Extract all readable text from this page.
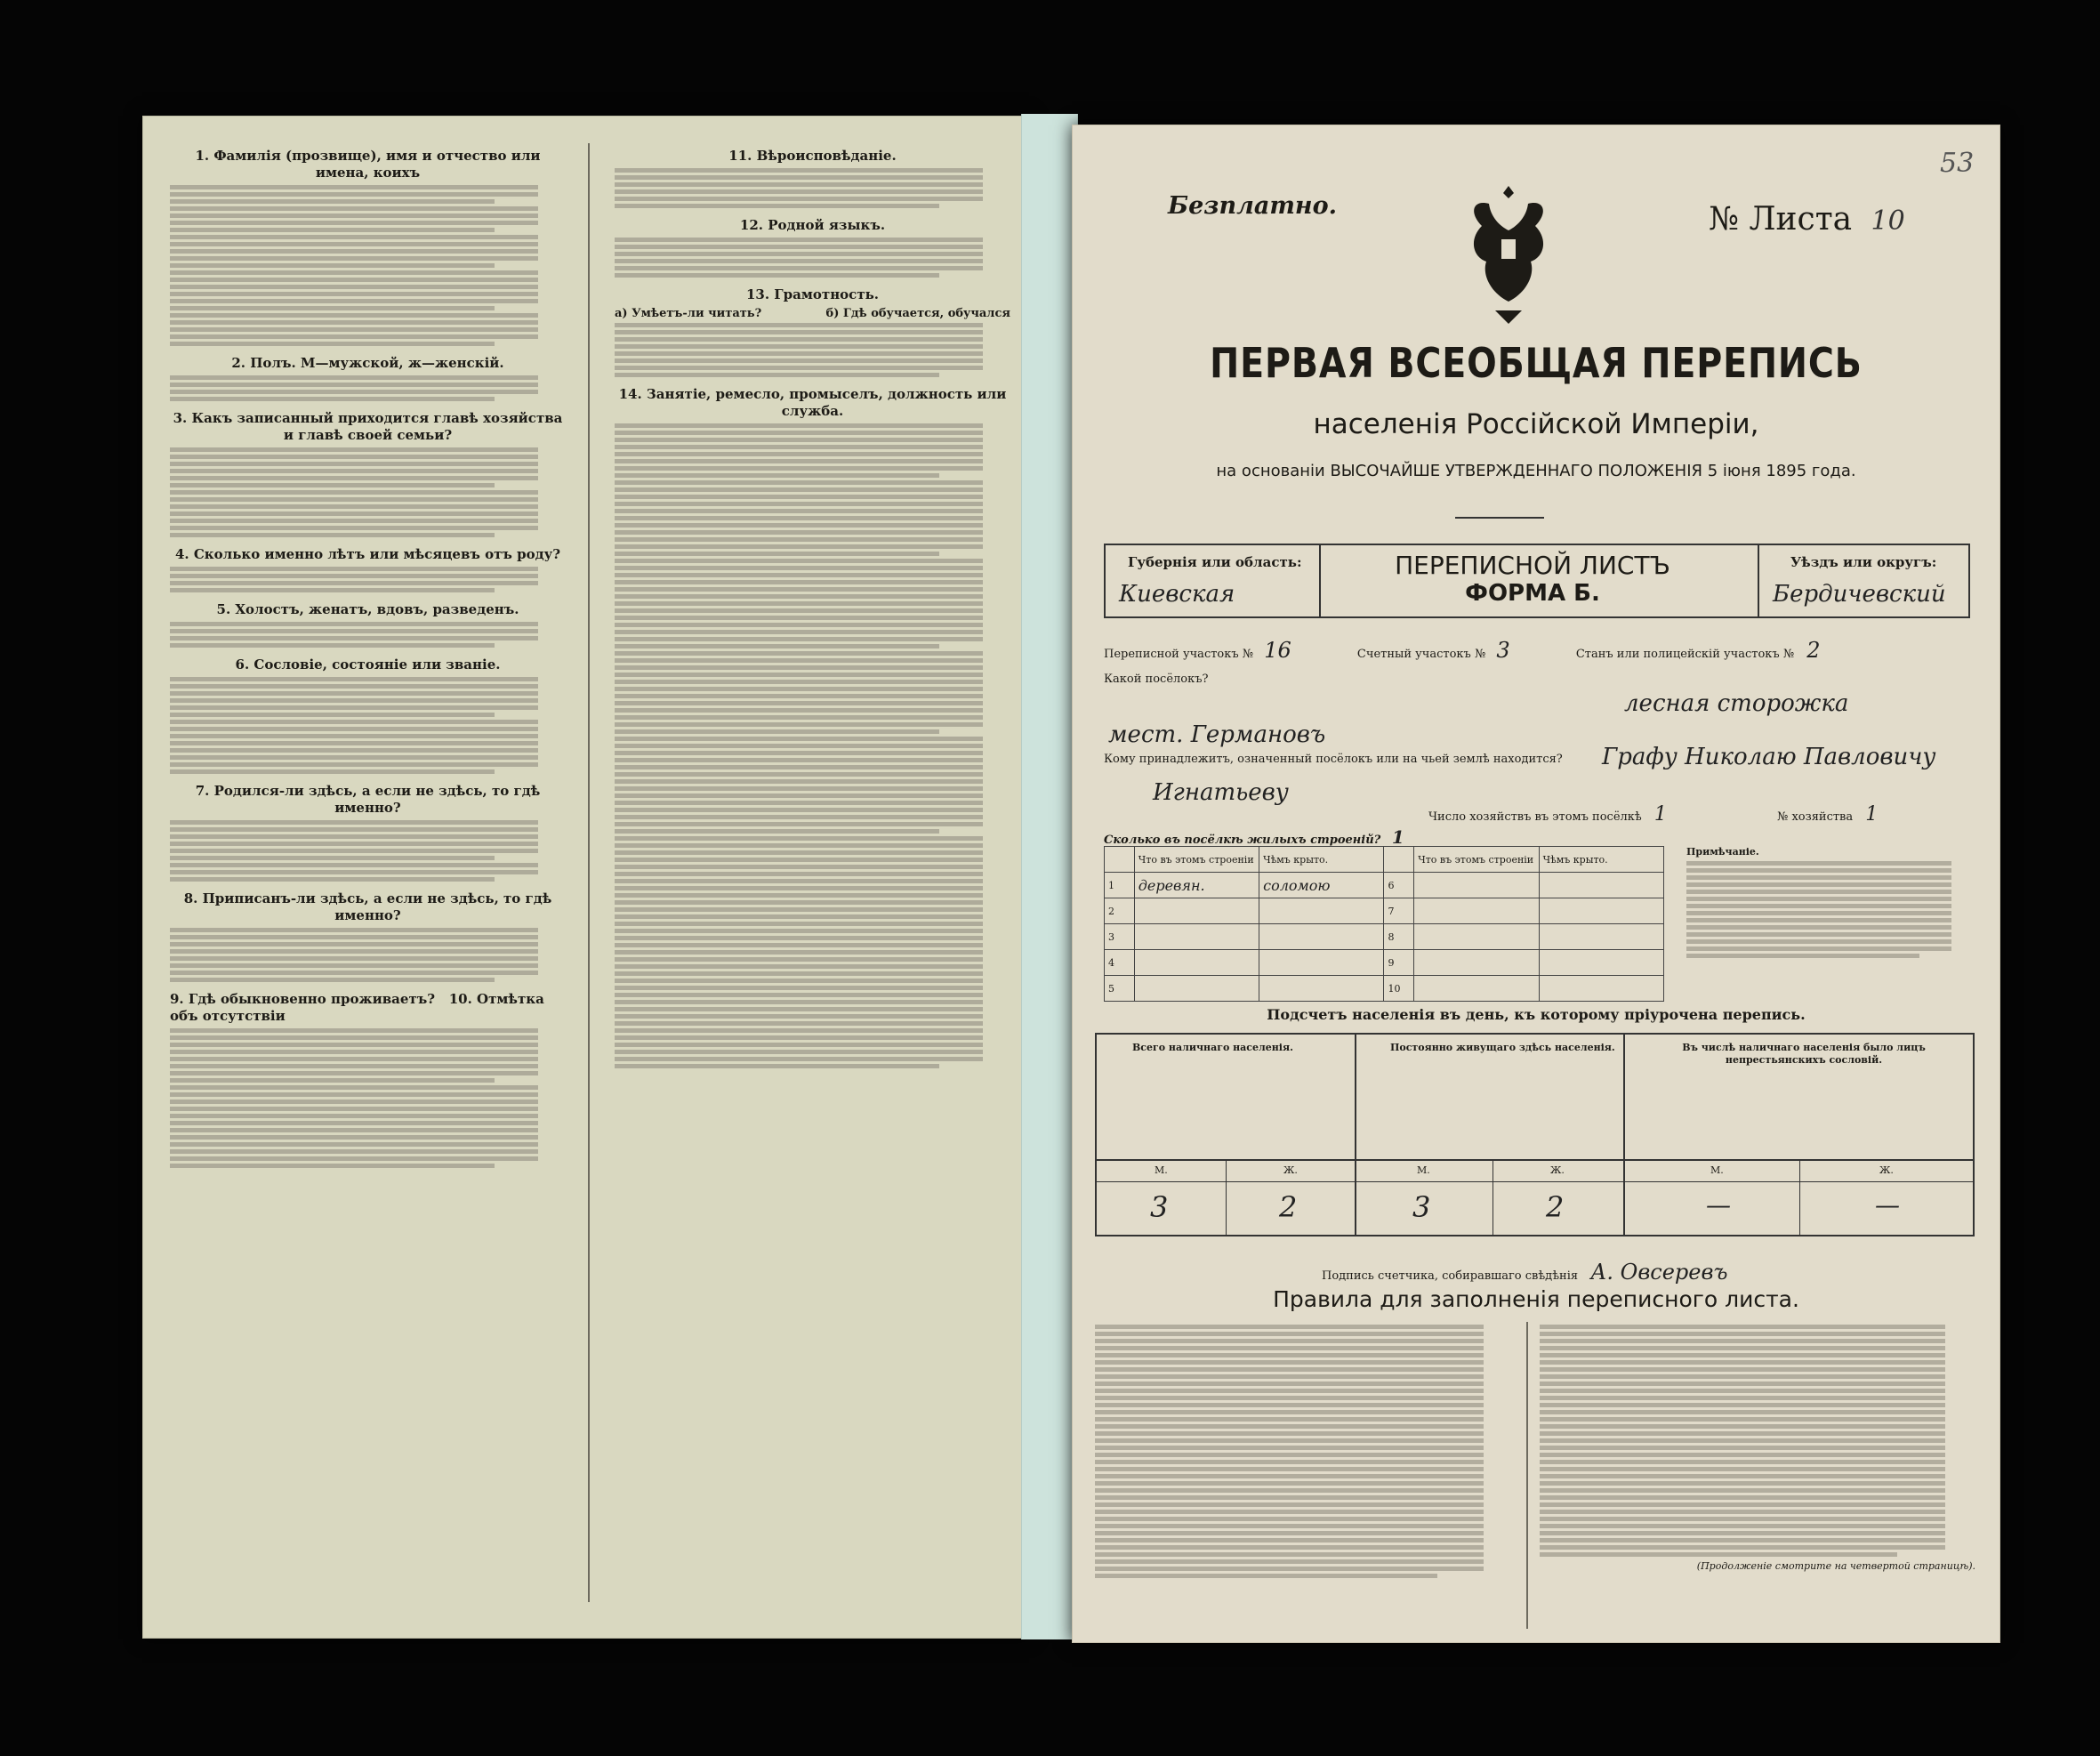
1. Фамилія (прозвище), имя и отчество или имена, коихъ
2. Полъ. М—мужской, ж—женскій.
3. Какъ записанный приходится главѣ хозяйства и главѣ своей семьи?
4. Сколько именно лѣтъ или мѣсяцевъ отъ роду?
5. Холостъ, женатъ, вдовъ, разведенъ.
6. Сословіе, состояніе или званіе.
7. Родился-ли здѣсь, а если не здѣсь, то гдѣ именно?
8. Приписанъ-ли здѣсь, а если не здѣсь, то гдѣ именно?
9. Гдѣ обыкновенно проживаетъ? 10. Отмѣтка объ отсутствіи
11. Вѣроисповѣданіе.
12. Родной языкъ.
13. Грамотность.
а) Умѣетъ-ли читать?	б) Гдѣ обучается, обучался
14. Занятіе, ремесло, промыселъ, должность или служба.
53
Безплатно.	№ Листа 10
ПЕРВАЯ ВСЕОБЩАЯ ПЕРЕПИСЬ
населенія Россійской Имперіи,
на основаніи ВЫСОЧАЙШЕ УТВЕРЖДЕННАГО ПОЛОЖЕНІЯ 5 іюня 1895 года.
Губернія или область:
Киевская
ПЕРЕПИСНОЙ ЛИСТЪ
ФОРМА Б.
Уѣздъ или округъ:
Бердичевский
Переписной участокъ № 16	Счетный участокъ № 3	Станъ или полицейскій участокъ № 2
Какой посёлокъ?
лесная сторожка
мест. Германовъ
Кому принадлежитъ, означенный посёлокъ или на чьей землѣ находится?	Графу Николаю Павловичу
Игнатьеву
Число хозяйствъ въ этомъ посёлкѣ 1	№ хозяйства 1
Сколько въ посёлкѣ жилыхъ строеній? 1
	Что въ этомъ строеніи	Чѣмъ крыто.		Что въ этомъ строеніи	Чѣмъ крыто.
1	деревян.	соломою	6		
2			7		
3			8		
4			9		
5			10		
Примѣчаніе.
Подсчетъ населенія въ день, къ которому пріурочена перепись.
Всего наличнаго населенія.	Постоянно живущаго здѣсь населенія.	Въ числѣ наличнаго населенія было лицъ непрестьянскихъ сословій.
М.	Ж.	М.	Ж.	М.	Ж.
3	2	3	2	—	—
Подпись счетчика, собиравшаго свѣдѣнія А. Овсеревъ
Правила для заполненія переписного листа.
(Продолженіе смотрите на четвертой страницѣ).
